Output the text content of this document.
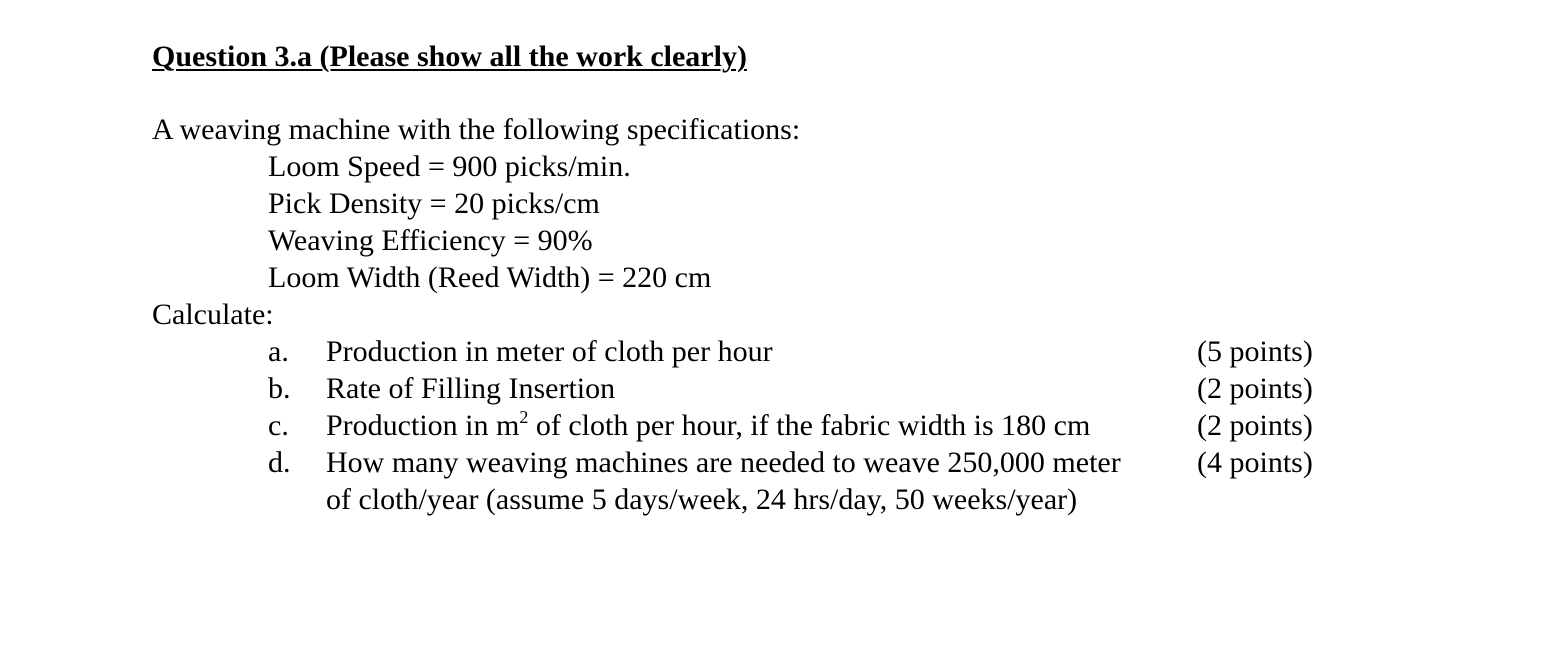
Question 3.a (Please show all the work clearly)
A weaving machine with the following specifications:
Loom Speed = 900 picks/min.
Pick Density = 20 picks/cm
Weaving Efficiency = 90%
Loom Width (Reed Width) = 220 cm
Calculate:
a. Production in meter of cloth per hour	(5 points)
b. Rate of Filling Insertion	(2 points)
c. Production in $m^2$ of cloth per hour, if the fabric width is 180 cm	(2 points)
d. How many weaving machines are needed to weave 250,000 meter	(4 points)
of cloth/year (assume 5 days/week, 24 hrs/day, 50 weeks/year)
